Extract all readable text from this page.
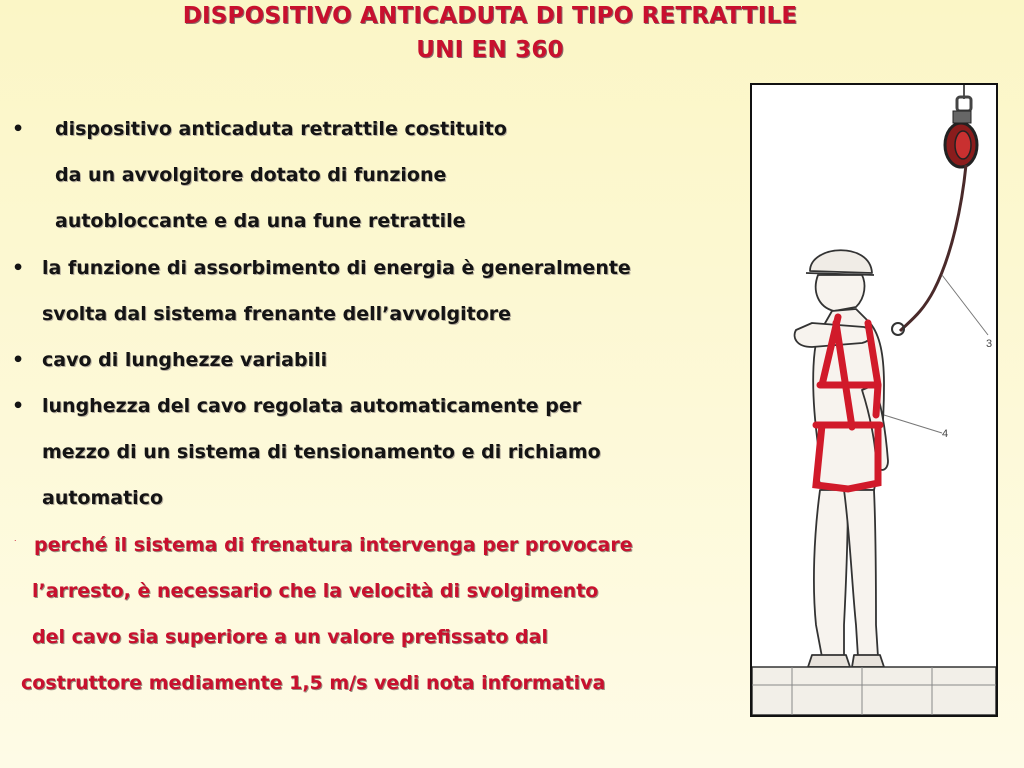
DISPOSITIVO ANTICADUTA DI TIPO RETRATTILE
UNI EN 360
• dispositivo anticaduta retrattile costituito
da un avvolgitore dotato di funzione
autobloccante e da una fune retrattile
• la funzione di assorbimento di energia è generalmente
svolta dal sistema frenante dell’avvolgitore
• cavo di lunghezze variabili
• lunghezza del cavo regolata automaticamente per
mezzo di un sistema di tensionamento e di richiamo
automatico
˙ perché il sistema di frenatura intervenga per provocare
l’arresto, è necessario che la velocità di svolgimento
del cavo sia superiore a un valore prefissato dal
costruttore mediamente 1,5 m/s vedi nota informativa
3
4
